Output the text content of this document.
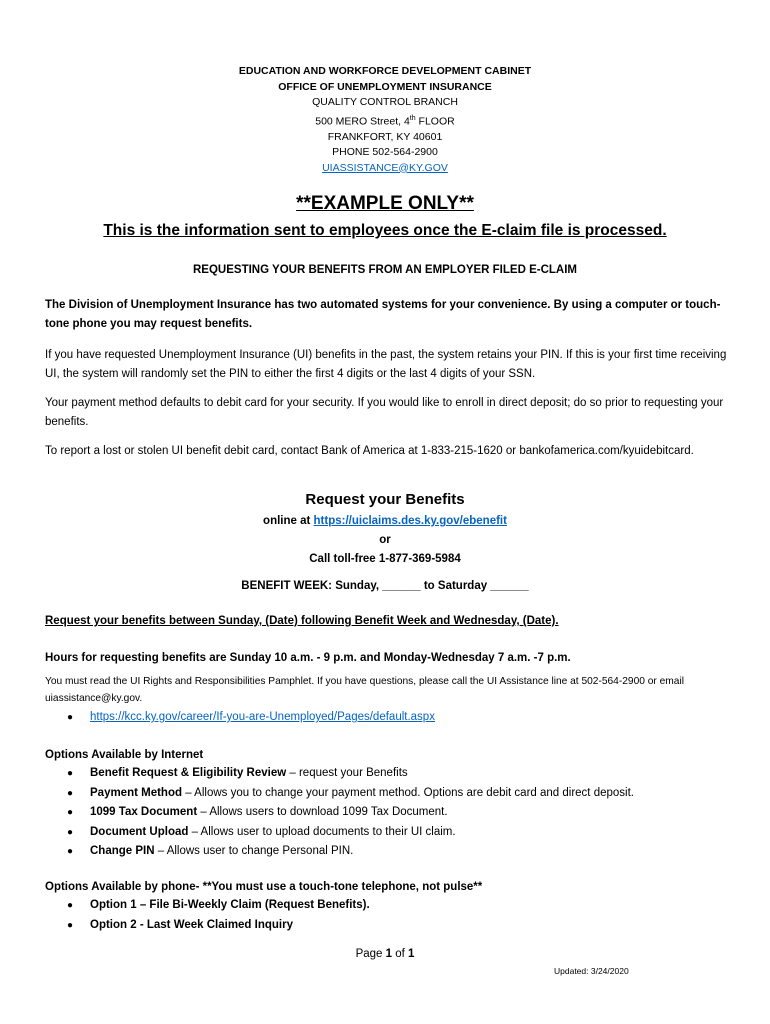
EDUCATION AND WORKFORCE DEVELOPMENT CABINET
OFFICE OF UNEMPLOYMENT INSURANCE
QUALITY CONTROL BRANCH
500 MERO Street, 4th FLOOR
FRANKFORT, KY 40601
PHONE 502-564-2900
UIASSISTANCE@KY.GOV
**EXAMPLE ONLY**
This is the information sent to employees once the E-claim file is processed.
REQUESTING YOUR BENEFITS FROM AN EMPLOYER FILED E-CLAIM
The Division of Unemployment Insurance has two automated systems for your convenience. By using a computer or touch-tone phone you may request benefits.
If you have requested Unemployment Insurance (UI) benefits in the past, the system retains your PIN. If this is your first time receiving UI, the system will randomly set the PIN to either the first 4 digits or the last 4 digits of your SSN.
Your payment method defaults to debit card for your security. If you would like to enroll in direct deposit; do so prior to requesting your benefits.
To report a lost or stolen UI benefit debit card, contact Bank of America at 1-833-215-1620 or bankofamerica.com/kyuidebitcard.
Request your Benefits
online at https://uiclaims.des.ky.gov/ebenefit
or
Call toll-free 1-877-369-5984
BENEFIT WEEK: Sunday, ______ to Saturday ______
Request your benefits between Sunday, (Date) following Benefit Week and Wednesday, (Date).
Hours for requesting benefits are Sunday 10 a.m. - 9 p.m. and Monday-Wednesday 7 a.m. -7 p.m.
You must read the UI Rights and Responsibilities Pamphlet. If you have questions, please call the UI Assistance line at 502-564-2900 or email uiassistance@ky.gov.
● https://kcc.ky.gov/career/If-you-are-Unemployed/Pages/default.aspx
Options Available by Internet
● Benefit Request & Eligibility Review – request your Benefits
● Payment Method – Allows you to change your payment method. Options are debit card and direct deposit.
● 1099 Tax Document – Allows users to download 1099 Tax Document.
● Document Upload – Allows user to upload documents to their UI claim.
● Change PIN – Allows user to change Personal PIN.
Options Available by phone- **You must use a touch-tone telephone, not pulse**
● Option 1 – File Bi-Weekly Claim (Request Benefits).
● Option 2 - Last Week Claimed Inquiry
Page 1 of 1
Updated: 3/24/2020
